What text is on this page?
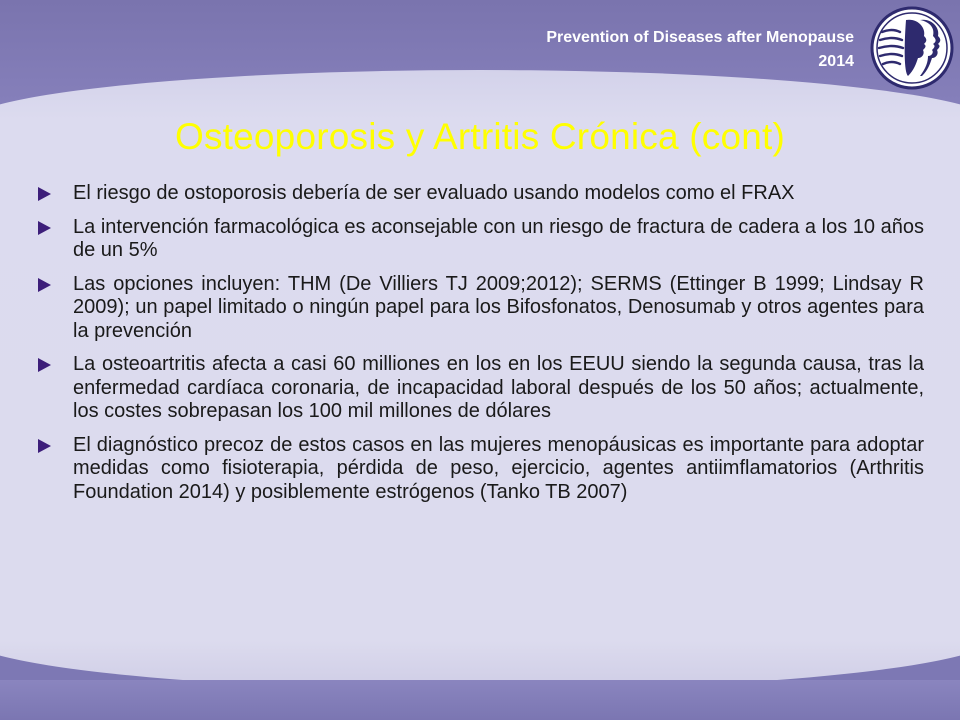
Prevention of Diseases after Menopause
2014
Osteoporosis y Artritis Crónica (cont)
El riesgo de ostoporosis debería de ser evaluado usando modelos como el FRAX
La intervención farmacológica es aconsejable con un riesgo de fractura de cadera a los 10 años de un 5%
Las opciones incluyen: THM (De Villiers TJ 2009;2012); SERMS (Ettinger B 1999; Lindsay R 2009); un papel limitado o ningún papel para los Bifosfonatos, Denosumab y otros agentes para la prevención
La osteoartritis afecta a casi 60 milliones en los en los EEUU siendo la segunda causa, tras la enfermedad cardíaca coronaria, de incapacidad laboral después de los 50 años; actualmente, los costes sobrepasan los 100 mil millones de dólares
El diagnóstico precoz de estos casos en las mujeres menopáusicas es importante para adoptar medidas como fisioterapia, pérdida de peso, ejercicio, agentes antiimflamatorios (Arthritis Foundation 2014) y posiblemente estrógenos (Tanko TB 2007)
